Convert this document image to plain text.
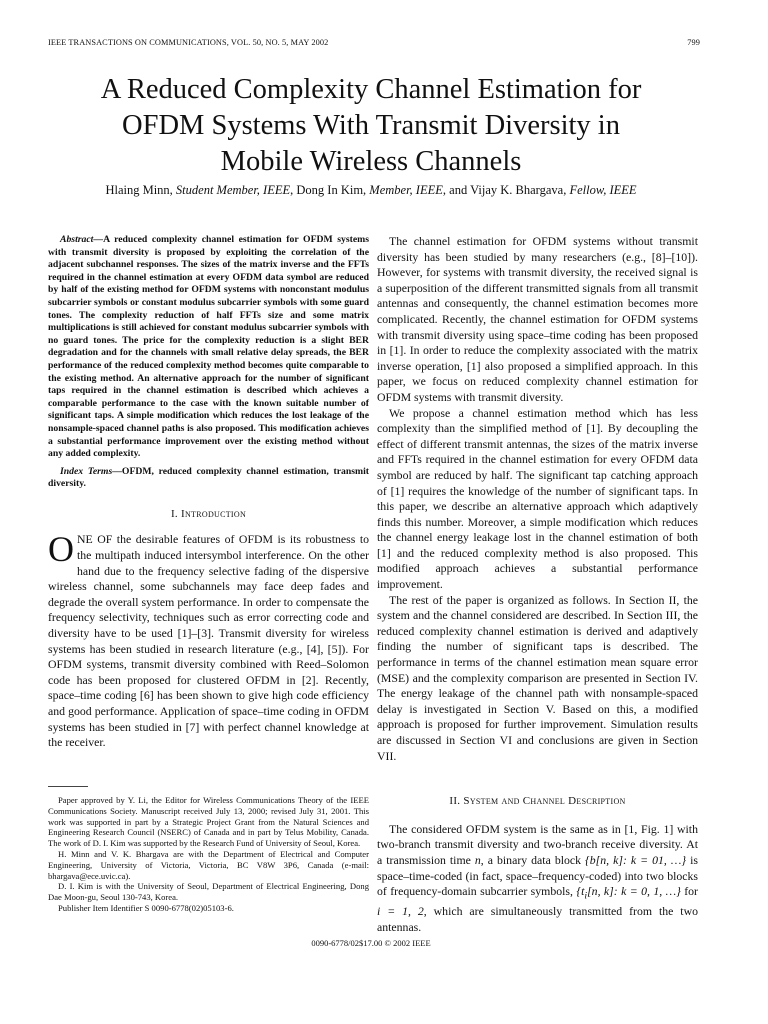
IEEE TRANSACTIONS ON COMMUNICATIONS, VOL. 50, NO. 5, MAY 2002	799
A Reduced Complexity Channel Estimation for
OFDM Systems With Transmit Diversity in
Mobile Wireless Channels
Hlaing Minn, Student Member, IEEE, Dong In Kim, Member, IEEE, and Vijay K. Bhargava, Fellow, IEEE
Abstract—A reduced complexity channel estimation for OFDM systems with transmit diversity is proposed by exploiting the correlation of the adjacent subchannel responses. The sizes of the matrix inverse and the FFTs required in the channel estimation at every OFDM data symbol are reduced by half of the existing method for OFDM systems with nonconstant modulus subcarrier symbols or constant modulus subcarrier symbols with some guard tones. The complexity reduction of half FFTs size and some matrix multiplications is still achieved for constant modulus subcarrier symbols with no guard tones. The price for the complexity reduction is a slight BER degradation and for the channels with small relative delay spreads, the BER performance of the reduced complexity method becomes quite comparable to the existing method. An alternative approach for the number of significant taps required in the channel estimation is described which achieves a comparable performance to the case with the known suitable number of significant taps. A simple modification which reduces the lost leakage of the nonsample-spaced channel paths is also proposed. This modification achieves a substantial performance improvement over the existing method without any added complexity.
Index Terms—OFDM, reduced complexity channel estimation, transmit diversity.
I. Introduction

ONE OF the desirable features of OFDM is its robustness to the multipath induced intersymbol interference. On the other hand due to the frequency selective fading of the dispersive wireless channel, some subchannels may face deep fades and degrade the overall system performance. In order to compensate the frequency selectivity, techniques such as error correcting code and diversity have to be used [1]–[3]. Transmit diversity for wireless systems has been studied in research literature (e.g., [4], [5]). For OFDM systems, transmit diversity combined with Reed–Solomon code has been proposed for clustered OFDM in [2]. Recently, space–time coding [6] has been shown to give high code efficiency and good performance. Application of space–time coding in OFDM systems has been studied in [7] with perfect channel knowledge at the receiver.

Paper approved by Y. Li, the Editor for Wireless Communications Theory of the IEEE Communications Society. Manuscript received July 13, 2000; revised July 31, 2001. This work was supported in part by a Strategic Project Grant from the Natural Sciences and Engineering Research Council (NSERC) of Canada and in part by Telus Mobility, Canada. The work of D. I. Kim was supported by the Research Fund of University of Seoul, Korea.

H. Minn and V. K. Bhargava are with the Department of Electrical and Computer Engineering, University of Victoria, Victoria, BC V8W 3P6, Canada (e-mail: bhargava@ece.uvic.ca).

D. I. Kim is with the University of Seoul, Department of Electrical Engineering, Dong Dae Moon-gu, Seoul 130-743, Korea.

Publisher Item Identifier S 0090-6778(02)05103-6.

The channel estimation for OFDM systems without transmit diversity has been studied by many researchers (e.g., [8]–[10]). However, for systems with transmit diversity, the received signal is a superposition of the different transmitted signals from all transmit antennas and consequently, the channel estimation becomes more complicated. Recently, the channel estimation for OFDM systems with transmit diversity using space–time coding has been proposed in [1]. In order to reduce the complexity associated with the matrix inverse operation, [1] also proposed a simplified approach. In this paper, we focus on reduced complexity channel estimation for OFDM systems with transmit diversity.

We propose a channel estimation method which has less complexity than the simplified method of [1]. By decoupling the effect of different transmit antennas, the sizes of the matrix inverse and FFTs required in the channel estimation for every OFDM data symbol are reduced by half. The significant tap catching approach of [1] requires the knowledge of the number of significant taps. In this paper, we describe an alternative approach which adaptively finds this number. Moreover, a simple modification which reduces the channel energy leakage lost in the channel estimation of both [1] and the reduced complexity method is also proposed. This modified approach achieves a substantial performance improvement.

The rest of the paper is organized as follows. In Section II, the system and the channel considered are described. In Section III, the reduced complexity channel estimation is derived and adaptively finding the number of significant taps is described. The performance in terms of the channel estimation mean square error (MSE) and the complexity comparison are presented in Section IV. The energy leakage of the channel path with nonsample-spaced delay is investigated in Section V. Based on this, a modified approach is proposed for further improvement. Simulation results are discussed in Section VI and conclusions are given in Section VII.

II. System and Channel Description

The considered OFDM system is the same as in [1, Fig. 1] with two-branch transmit diversity and two-branch receive diversity. At a transmission time n, a binary data block {b[n, k]: k = 01, …} is space–time-coded (in fact, space–frequency-coded) into two blocks of frequency-domain subcarrier symbols, {$t_i[n$, k]: k = 0, 1, …} for i = 1, 2, which are simultaneously transmitted from the two antennas.

0090-6778/02$17.00 © 2002 IEEE
